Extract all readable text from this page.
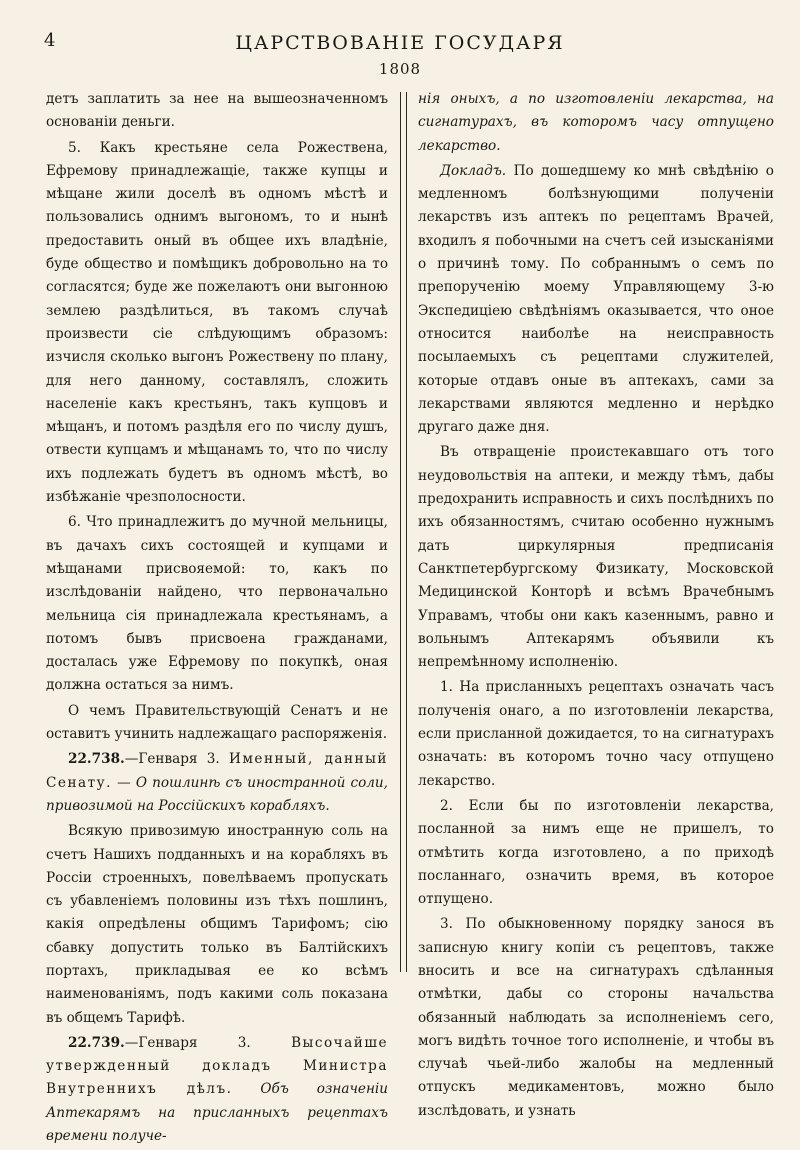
4	ЦАРСТВОВАНІЕ ГОСУДАРЯ
1808

детъ заплатить за нее на вышеозначенномъ основаніи деньги.

5. Какъ крестьяне села Рожествена, Ефремову принадлежащіе, также купцы и мѣщане жили доселѣ въ одномъ мѣстѣ и пользовались однимъ выгономъ, то и нынѣ предоставить оный въ общее ихъ владѣніе, буде общество и помѣщикъ добровольно на то согласятся; буде же пожелаютъ они выгонною землею раздѣлиться, въ такомъ случаѣ произвести сіе слѣдующимъ образомъ: изчисля сколько выгонъ Рожествену по плану, для него данному, составлялъ, сложить населеніе какъ крестьянъ, такъ купцовъ и мѣщанъ, и потомъ раздѣля его по числу душъ, отвести купцамъ и мѣщанамъ то, что по числу ихъ подлежать будетъ въ одномъ мѣстѣ, во избѣжаніе чрезполосности.

6. Что принадлежитъ до мучной мельницы, въ дачахъ сихъ состоящей и купцами и мѣщанами присвояемой: то, какъ по изслѣдованіи найдено, что первоначально мельница сія принадлежала крестьянамъ, а потомъ бывъ присвоена гражданами, досталась уже Ефремову по покупкѣ, оная должна остаться за нимъ.

О чемъ Правительствующій Сенатъ и не оставитъ учинить надлежащаго распоряженія.

22.738.—Генваря 3. Именный, данный Сенату. — О пошлинѣ съ иностранной соли, привозимой на Россійскихъ корабляхъ.

Всякую привозимую иностранную соль на счетъ Нашихъ подданныхъ и на корабляхъ въ Россіи строенныхъ, повелѣваемъ пропускать съ убавленіемъ половины изъ тѣхъ пошлинъ, какія опредѣлены общимъ Тарифомъ; сію сбавку допустить только въ Балтійскихъ портахъ, прикладывая ее ко всѣмъ наименованіямъ, подъ какими соль показана въ общемъ Тарифѣ.

22.739.—Генваря 3.	Высочайше утвержденный докладъ Министра Внутреннихъ дѣлъ. Объ означеніи Аптекарямъ на присланныхъ рецептахъ времени получе-

нія оныхъ, а по изготовленіи лекарства, на сигнатурахъ, въ которомъ часу отпущено лекарство.

Докладъ. По дошедшему ко мнѣ свѣдѣнію о медленномъ болѣзнующими полученіи лекарствъ изъ аптекъ по рецептамъ Врачей, входилъ я побочными на счетъ сей изысканіями о причинѣ тому. По собраннымъ о семъ по препорученію моему Управляющему 3-ю Экспедиціею свѣдѣніямъ оказывается, что оное относится наиболѣе на неисправность посылаемыхъ съ рецептами служителей, которые отдавъ оные въ аптекахъ, сами за лекарствами являются медленно и нерѣдко другаго даже дня.

Въ отвращеніе проистекавшаго отъ того неудовольствія на аптеки, и между тѣмъ, дабы предохранить исправность и сихъ послѣднихъ по ихъ обязанностямъ, считаю особенно нужнымъ дать циркулярныя предписанія Санктпетербургскому Физикату, Московской Медицинской Конторѣ и всѣмъ Врачебнымъ Управамъ, чтобы они какъ казеннымъ, равно и вольнымъ Аптекарямъ объявили къ непремѣнному исполненію.

1. На присланныхъ рецептахъ означать часъ полученія онаго, а по изготовленіи лекарства, если присланной дожидается, то на сигнатурахъ означать: въ которомъ точно часу отпущено лекарство.

2. Если бы по изготовленіи лекарства, посланной за нимъ еще не пришелъ, то отмѣтить когда изготовлено, а по приходѣ посланнаго, означить время, въ которое отпущено.

3. По обыкновенному порядку занося въ записную книгу копіи съ рецептовъ, также вносить и все на сигнатурахъ сдѣланныя отмѣтки, дабы со стороны начальства обязанный наблюдать за исполненіемъ сего, могъ видѣть точное того исполненіе, и чтобы въ случаѣ чьей-либо жалобы на медленный отпускъ медикаментовъ, можно было изслѣдовать, и узнать
